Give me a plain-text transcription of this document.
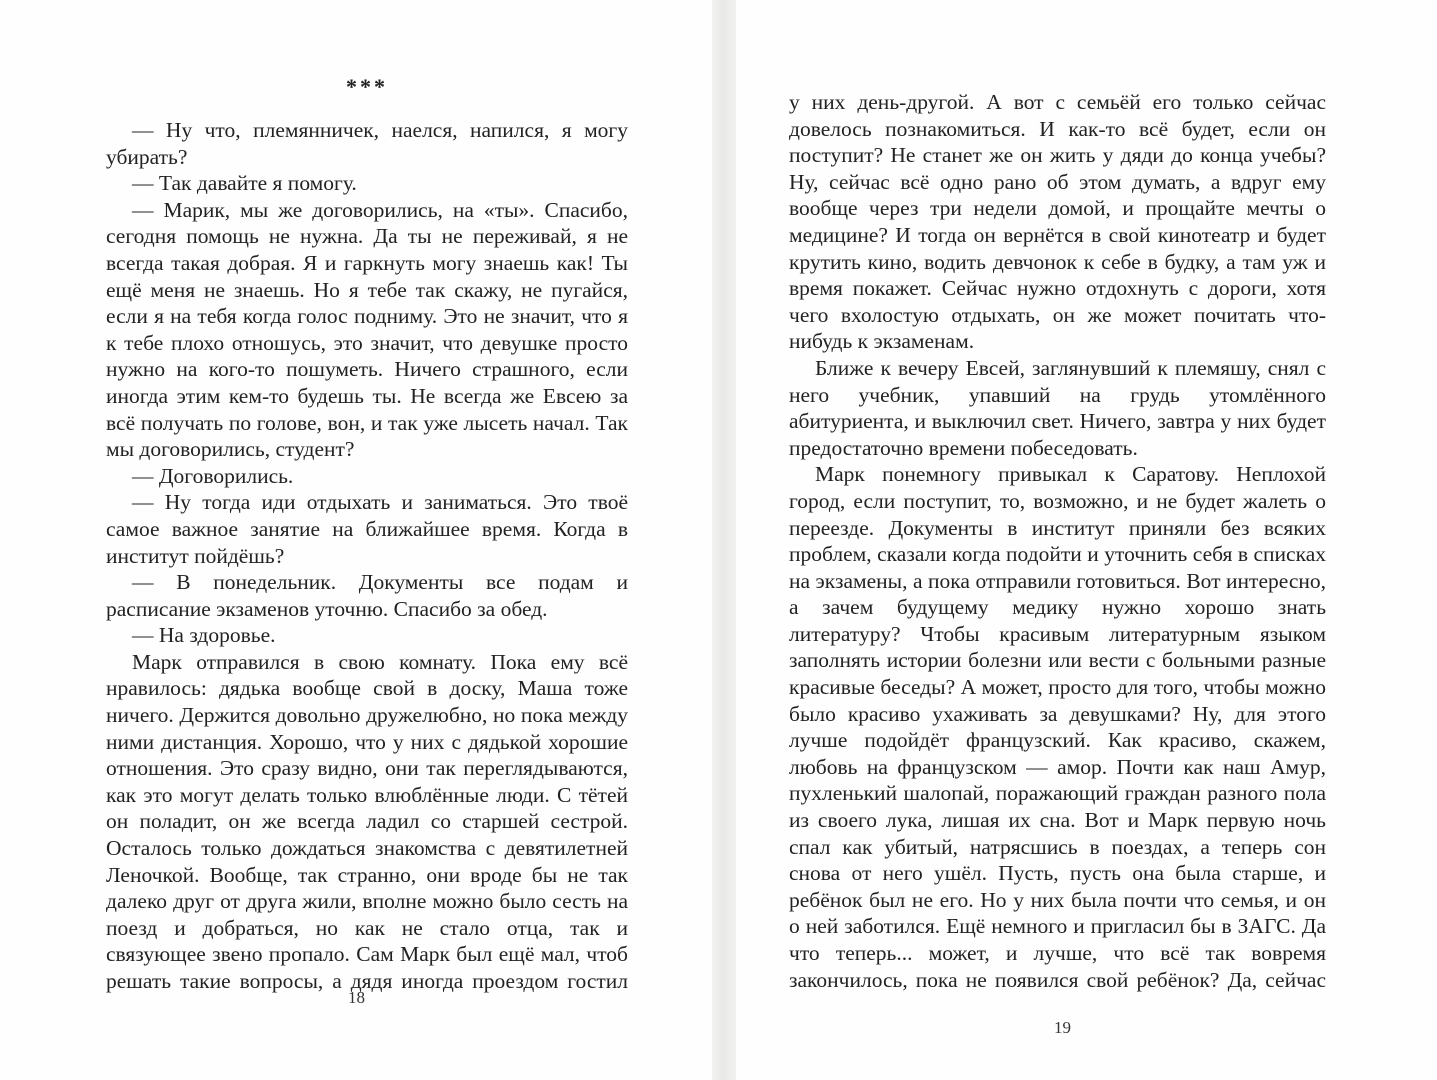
***

— Ну что, племянничек, наелся, напился, я могу убирать?

— Так давайте я помогу.

— Марик, мы же договорились, на «ты». Спасибо, сегодня помощь не нужна. Да ты не переживай, я не всегда такая добрая. Я и гаркнуть могу знаешь как! Ты ещё меня не знаешь. Но я тебе так скажу, не пугайся, если я на тебя когда голос подниму. Это не значит, что я к тебе плохо отношусь, это значит, что девушке просто нужно на кого-то пошуметь. Ничего страшного, если иногда этим кем-то будешь ты. Не всегда же Евсею за всё получать по голове, вон, и так уже лысеть начал. Так мы договорились, студент?

— Договорились.

— Ну тогда иди отдыхать и заниматься. Это твоё самое важное занятие на ближайшее время. Когда в институт пойдёшь?

— В понедельник. Документы все подам и расписание экзаменов уточню. Спасибо за обед.

— На здоровье.

Марк отправился в свою комнату. Пока ему всё нравилось: дядька вообще свой в доску, Маша тоже ничего. Держится довольно дружелюбно, но пока между ними дистанция. Хорошо, что у них с дядькой хорошие отношения. Это сразу видно, они так переглядываются, как это могут делать только влюблённые люди. С тётей он поладит, он же всегда ладил со старшей сестрой. Осталось только дождаться знакомства с девятилетней Леночкой. Вообще, так странно, они вроде бы не так далеко друг от друга жили, вполне можно было сесть на поезд и добраться, но как не стало отца, так и связующее звено пропало. Сам Марк был ещё мал, чтоб решать такие вопросы, а дядя иногда проездом гостил

18

у них день-другой. А вот с семьёй его только сейчас довелось познакомиться. И как-то всё будет, если он поступит? Не станет же он жить у дяди до конца учебы? Ну, сейчас всё одно рано об этом думать, а вдруг ему вообще через три недели домой, и прощайте мечты о медицине? И тогда он вернётся в свой кинотеатр и будет крутить кино, водить девчонок к себе в будку, а там уж и время покажет. Сейчас нужно отдохнуть с дороги, хотя чего вхолостую отдыхать, он же может почитать что-нибудь к экзаменам.

Ближе к вечеру Евсей, заглянувший к племяшу, снял с него учебник, упавший на грудь утомлённого абитуриента, и выключил свет. Ничего, завтра у них будет предостаточно времени побеседовать.

Марк понемногу привыкал к Саратову. Неплохой город, если поступит, то, возможно, и не будет жалеть о переезде. Документы в институт приняли без всяких проблем, сказали когда подойти и уточнить себя в списках на экзамены, а пока отправили готовиться. Вот интересно, а зачем будущему медику нужно хорошо знать литературу? Чтобы красивым литературным языком заполнять истории болезни или вести с больными разные красивые беседы? А может, просто для того, чтобы можно было красиво ухаживать за девушками? Ну, для этого лучше подойдёт французский. Как красиво, скажем, любовь на французском — амор. Почти как наш Амур, пухленький шалопай, поражающий граждан разного пола из своего лука, лишая их сна. Вот и Марк первую ночь спал как убитый, натрясшись в поездах, а теперь сон снова от него ушёл. Пусть, пусть она была старше, и ребёнок был не его. Но у них была почти что семья, и он о ней заботился. Ещё немного и пригласил бы в ЗАГС. Да что теперь... может, и лучше, что всё так вовремя закончилось, пока не появился свой ребёнок? Да, сейчас

19
